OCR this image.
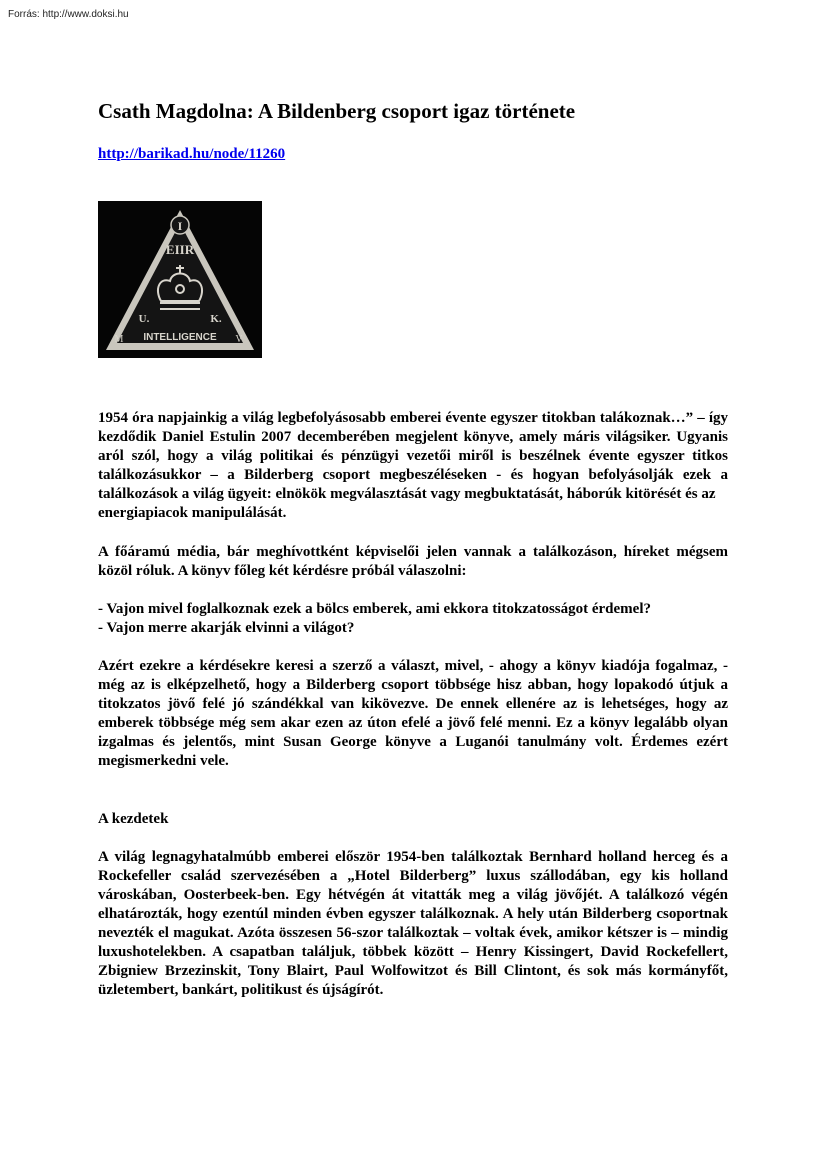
Forrás: http://www.doksi.hu
Csath Magdolna: A Bildenberg csoport igaz története
http://barikad.hu/node/11260
I
EIIR
U.	K.
M	V
INTELLIGENCE

1954 óra napjainkig a világ legbefolyásosabb emberei évente egyszer titokban talákoznak…” – így kezdődik Daniel Estulin 2007 decemberében megjelent könyve, amely máris világsiker. Ugyanis aról szól, hogy a világ politikai és pénzügyi vezetői miről is beszélnek évente egyszer titkos találkozásukkor – a Bilderberg csoport megbeszéléseken - és hogyan befolyásolják ezek a találkozások a világ ügyeit: elnökök megválasztását vagy megbuktatását, háborúk kitörését és az

energiapiacok manipulálását.

A főáramú média, bár meghívottként képviselői jelen vannak a találkozáson, híreket mégsem közöl róluk. A könyv főleg két kérdésre próbál válaszolni:

- Vajon mivel foglalkoznak ezek a bölcs emberek, ami ekkora titokzatosságot érdemel?

- Vajon merre akarják elvinni a világot?

Azért ezekre a kérdésekre keresi a szerző a választ, mivel, - ahogy a könyv kiadója fogalmaz, - még az is elképzelhető, hogy a Bilderberg csoport többsége hisz abban, hogy lopakodó útjuk a titokzatos jövő felé jó szándékkal van kikövezve. De ennek ellenére az is lehetséges, hogy az emberek többsége még sem akar ezen az úton efelé a jövő felé menni. Ez a könyv legalább olyan izgalmas és jelentős, mint Susan George könyve a Luganói tanulmány volt. Érdemes ezért megismerkedni vele.

A kezdetek

A világ legnagyhatalmúbb emberei először 1954-ben találkoztak Bernhard holland herceg és a Rockefeller család szervezésében a „Hotel Bilderberg” luxus szállodában, egy kis holland városkában, Oosterbeek-ben. Egy hétvégén át vitatták meg a világ jövőjét. A találkozó végén elhatározták, hogy ezentúl minden évben egyszer találkoznak. A hely után Bilderberg csoportnak nevezték el magukat. Azóta összesen 56-szor találkoztak – voltak évek, amikor kétszer is – mindig luxushotelekben. A csapatban találjuk, többek között – Henry Kissingert, David Rockefellert, Zbigniew Brzezinskit, Tony Blairt, Paul Wolfowitzot és Bill Clintont, és sok más kormányfőt, üzletembert, bankárt, politikust és újságírót.
